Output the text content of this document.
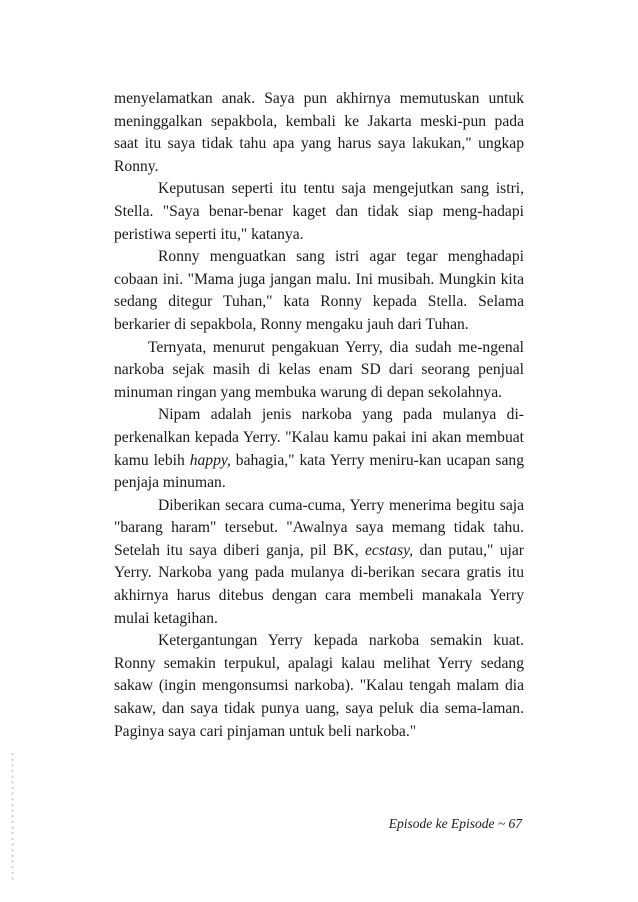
menyelamatkan anak. Saya pun akhirnya memutuskan untuk meninggalkan sepakbola, kembali ke Jakarta meski-pun pada saat itu saya tidak tahu apa yang harus saya lakukan," ungkap Ronny.

Keputusan seperti itu tentu saja mengejutkan sang istri, Stella. "Saya benar-benar kaget dan tidak siap meng-hadapi peristiwa seperti itu," katanya.

Ronny menguatkan sang istri agar tegar menghadapi cobaan ini. "Mama juga jangan malu. Ini musibah. Mungkin kita sedang ditegur Tuhan," kata Ronny kepada Stella. Selama berkarier di sepakbola, Ronny mengaku jauh dari Tuhan.

Ternyata, menurut pengakuan Yerry, dia sudah me-ngenal narkoba sejak masih di kelas enam SD dari seorang penjual minuman ringan yang membuka warung di depan sekolahnya.

Nipam adalah jenis narkoba yang pada mulanya di-perkenalkan kepada Yerry. "Kalau kamu pakai ini akan membuat kamu lebih happy, bahagia," kata Yerry meniru-kan ucapan sang penjaja minuman.

Diberikan secara cuma-cuma, Yerry menerima begitu saja "barang haram" tersebut. "Awalnya saya memang tidak tahu. Setelah itu saya diberi ganja, pil BK, ecstasy, dan putau," ujar Yerry. Narkoba yang pada mulanya di-berikan secara gratis itu akhirnya harus ditebus dengan cara membeli manakala Yerry mulai ketagihan.

Ketergantungan Yerry kepada narkoba semakin kuat. Ronny semakin terpukul, apalagi kalau melihat Yerry sedang sakaw (ingin mengonsumsi narkoba). "Kalau tengah malam dia sakaw, dan saya tidak punya uang, saya peluk dia sema-laman. Paginya saya cari pinjaman untuk beli narkoba."

Episode ke Episode ~ 67
▪ ▪ ▪ ▪ ▪ ▪ ▪ ▪ ▪ ▪ ▪ ▪ ▪ ▪ ▪ ▪ ▪ ▪ ▪ ▪ ▪ ▪ ▪
